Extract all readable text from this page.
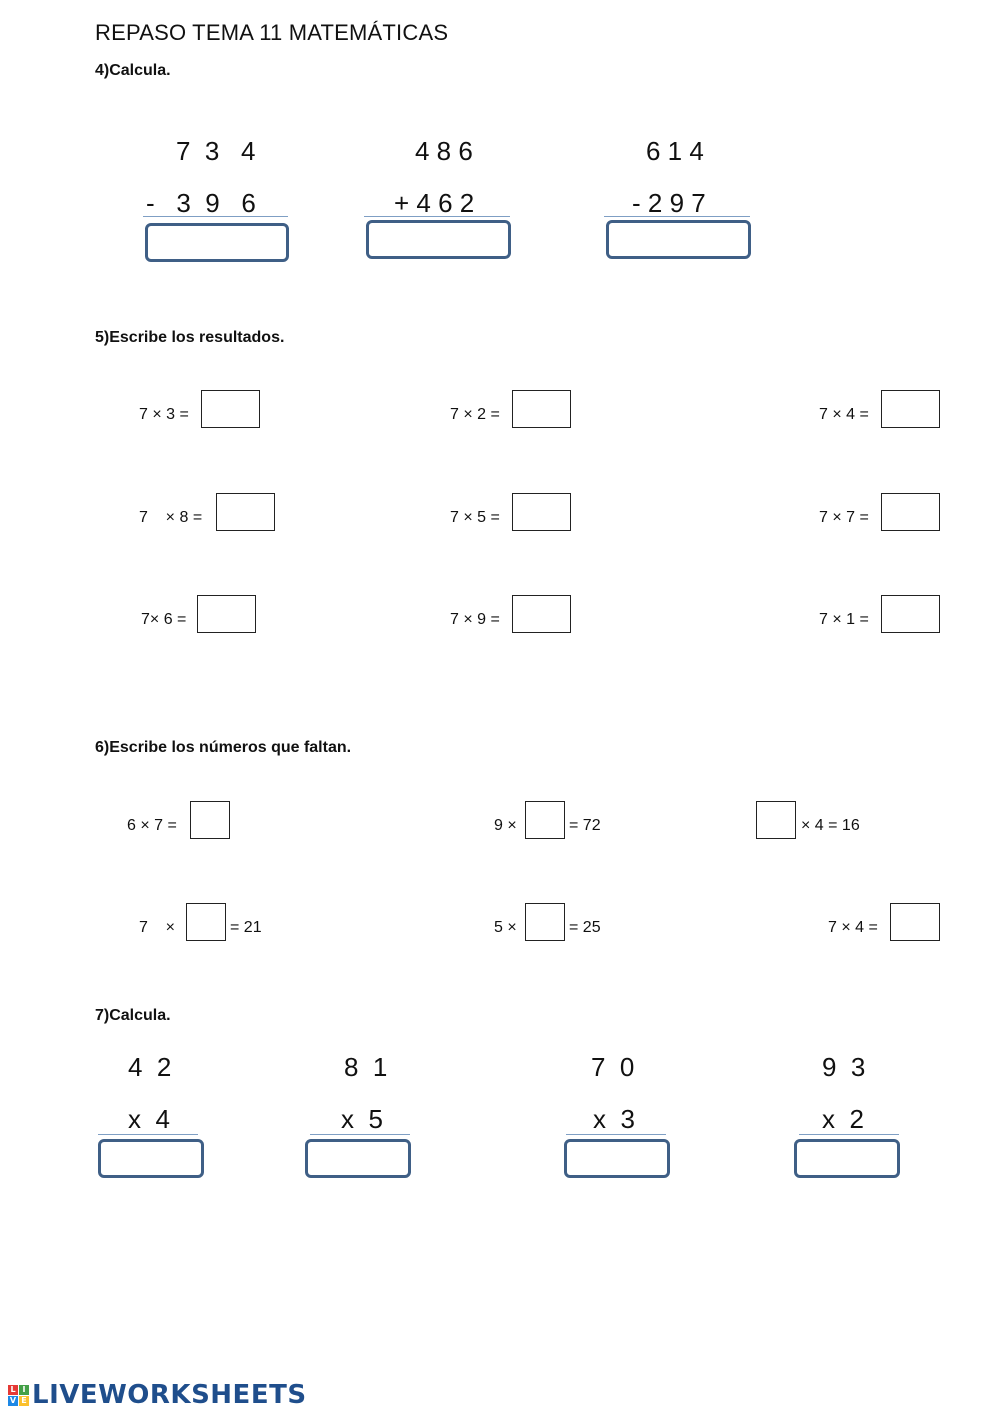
REPASO TEMA 11 MATEMÁTICAS
4)Calcula.
7  3   4
-   3  9   6
4 8 6
+ 4 6 2
6 1 4
- 2 9 7
5)Escribe los resultados.
7 × 3 =	7 × 2 =	7 × 4 =
7    × 8 =	7 × 5 =	7 × 7 =
7× 6 =	7 × 9 =	7 × 1 =
6)Escribe los números que faltan.
6 × 7 =	9 ×	= 72	× 4 = 16
7    ×	= 21	5 ×	= 25	7 × 4 =
7)Calcula.
4  2
x  4
8  1
x  5
7  0
x  3
9  3
x  2
L I
V E LIVEWORKSHEETS
